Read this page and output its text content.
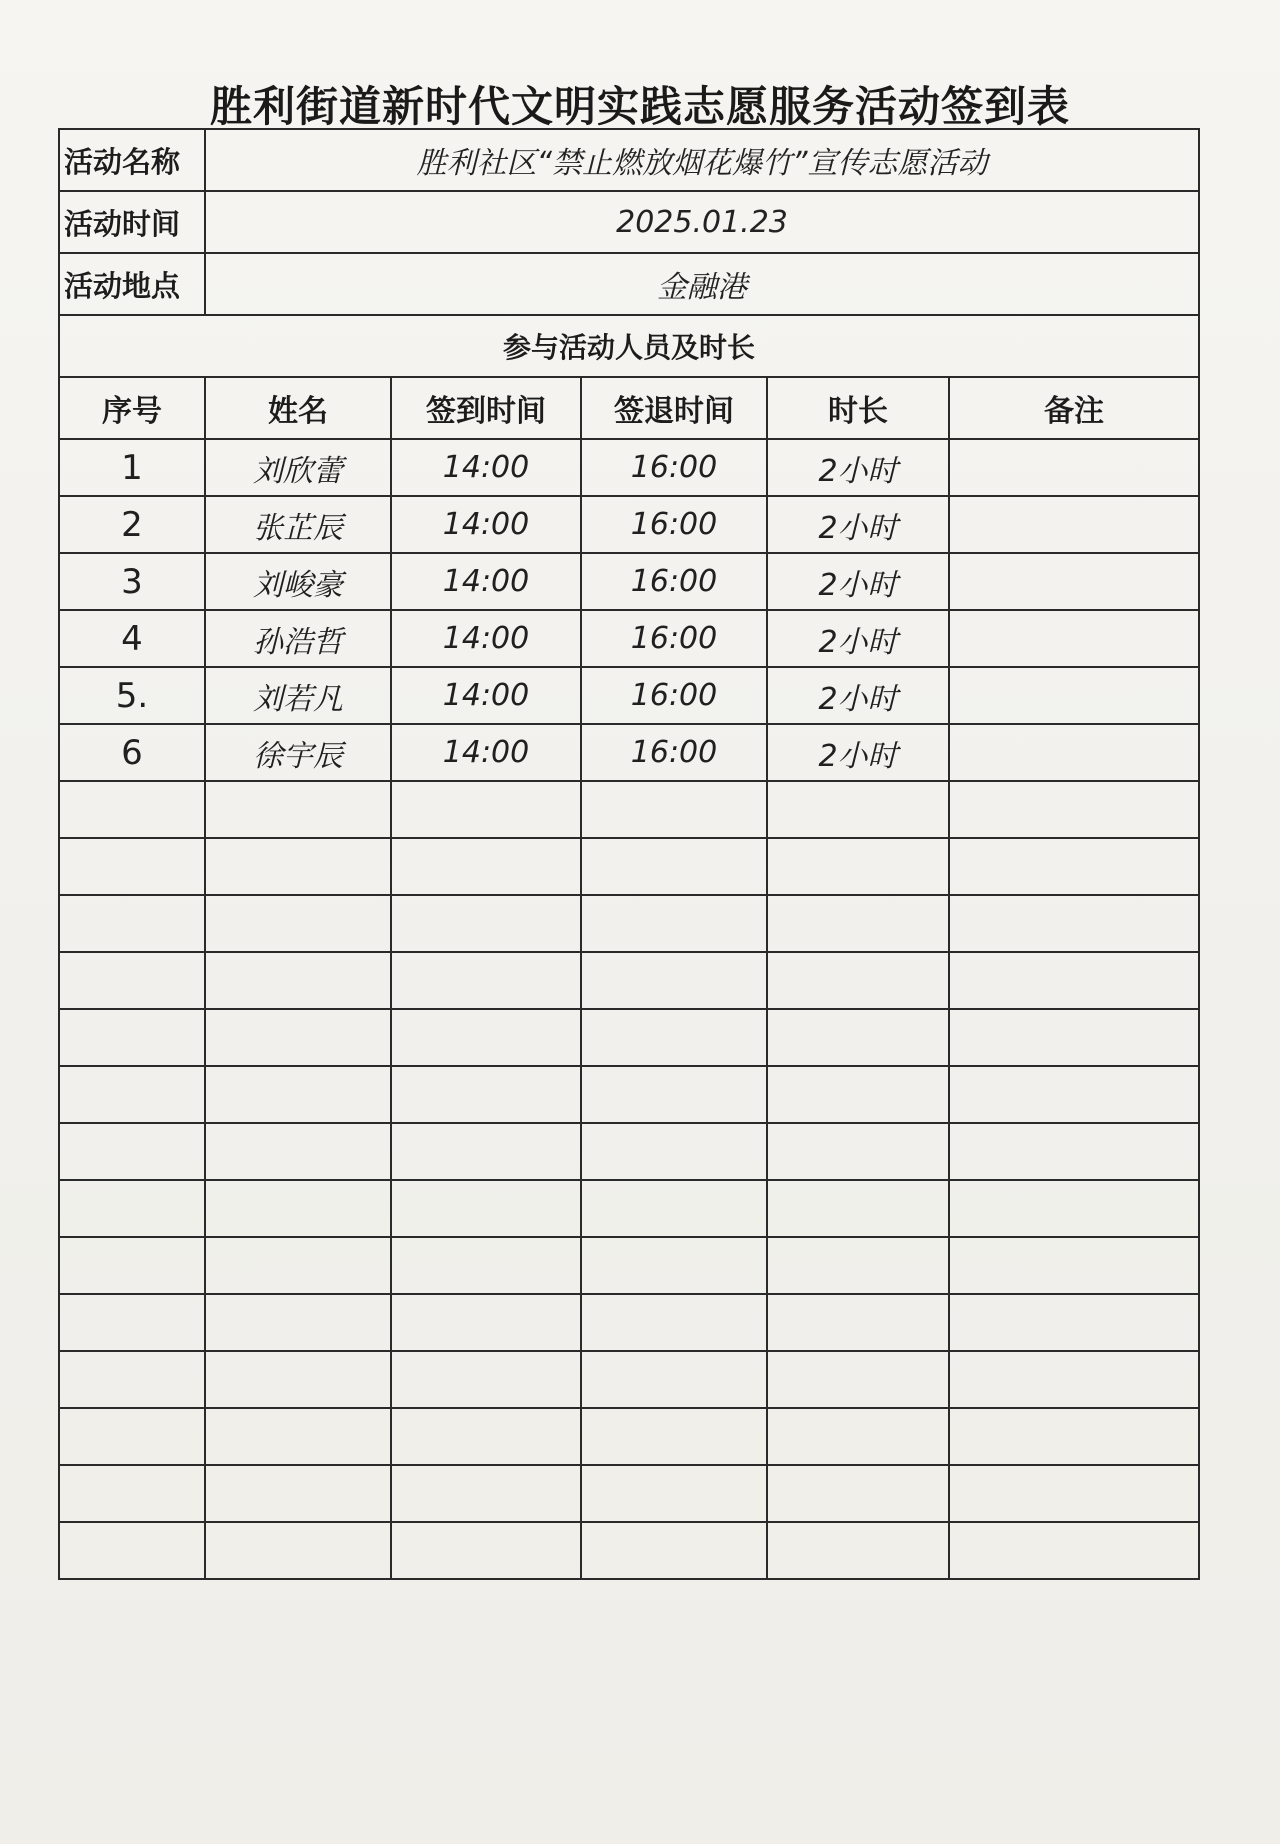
胜利街道新时代文明实践志愿服务活动签到表
活动名称	胜利社区“禁止燃放烟花爆竹”宣传志愿活动				
活动时间	2025.01.23				
活动地点	金融港				
参与活动人员及时长					
序号	姓名	签到时间	签退时间	时长	备注
1	刘欣蕾	14:00	16:00	2小时	
2	张芷辰	14:00	16:00	2小时	
3	刘峻豪	14:00	16:00	2小时	
4	孙浩哲	14:00	16:00	2小时	
5.	刘若凡	14:00	16:00	2小时	
6	徐宇辰	14:00	16:00	2小时	
